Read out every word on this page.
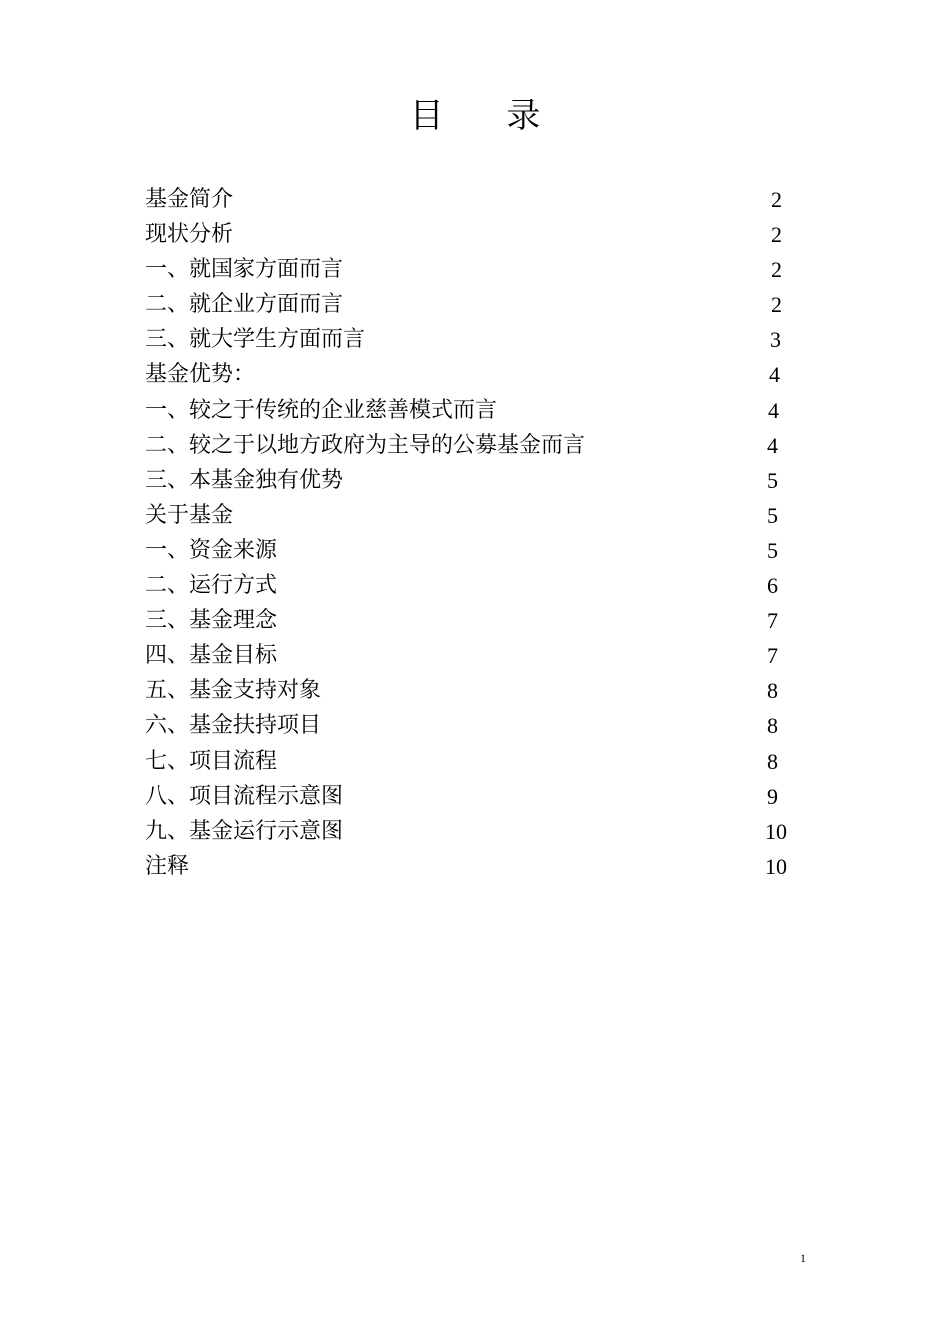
目 录
基金简介	2
现状分析	2
一、就国家方面而言	2
二、就企业方面而言	2
三、就大学生方面而言	3
基金优势：	4
一、较之于传统的企业慈善模式而言	4
二、较之于以地方政府为主导的公募基金而言	4
三、本基金独有优势	5
关于基金	5
一、资金来源	5
二、运行方式	6
三、基金理念	7
四、基金目标	7
五、基金支持对象	8
六、基金扶持项目	8
七、项目流程	8
八、项目流程示意图	9
九、基金运行示意图	10
注释	10
1
